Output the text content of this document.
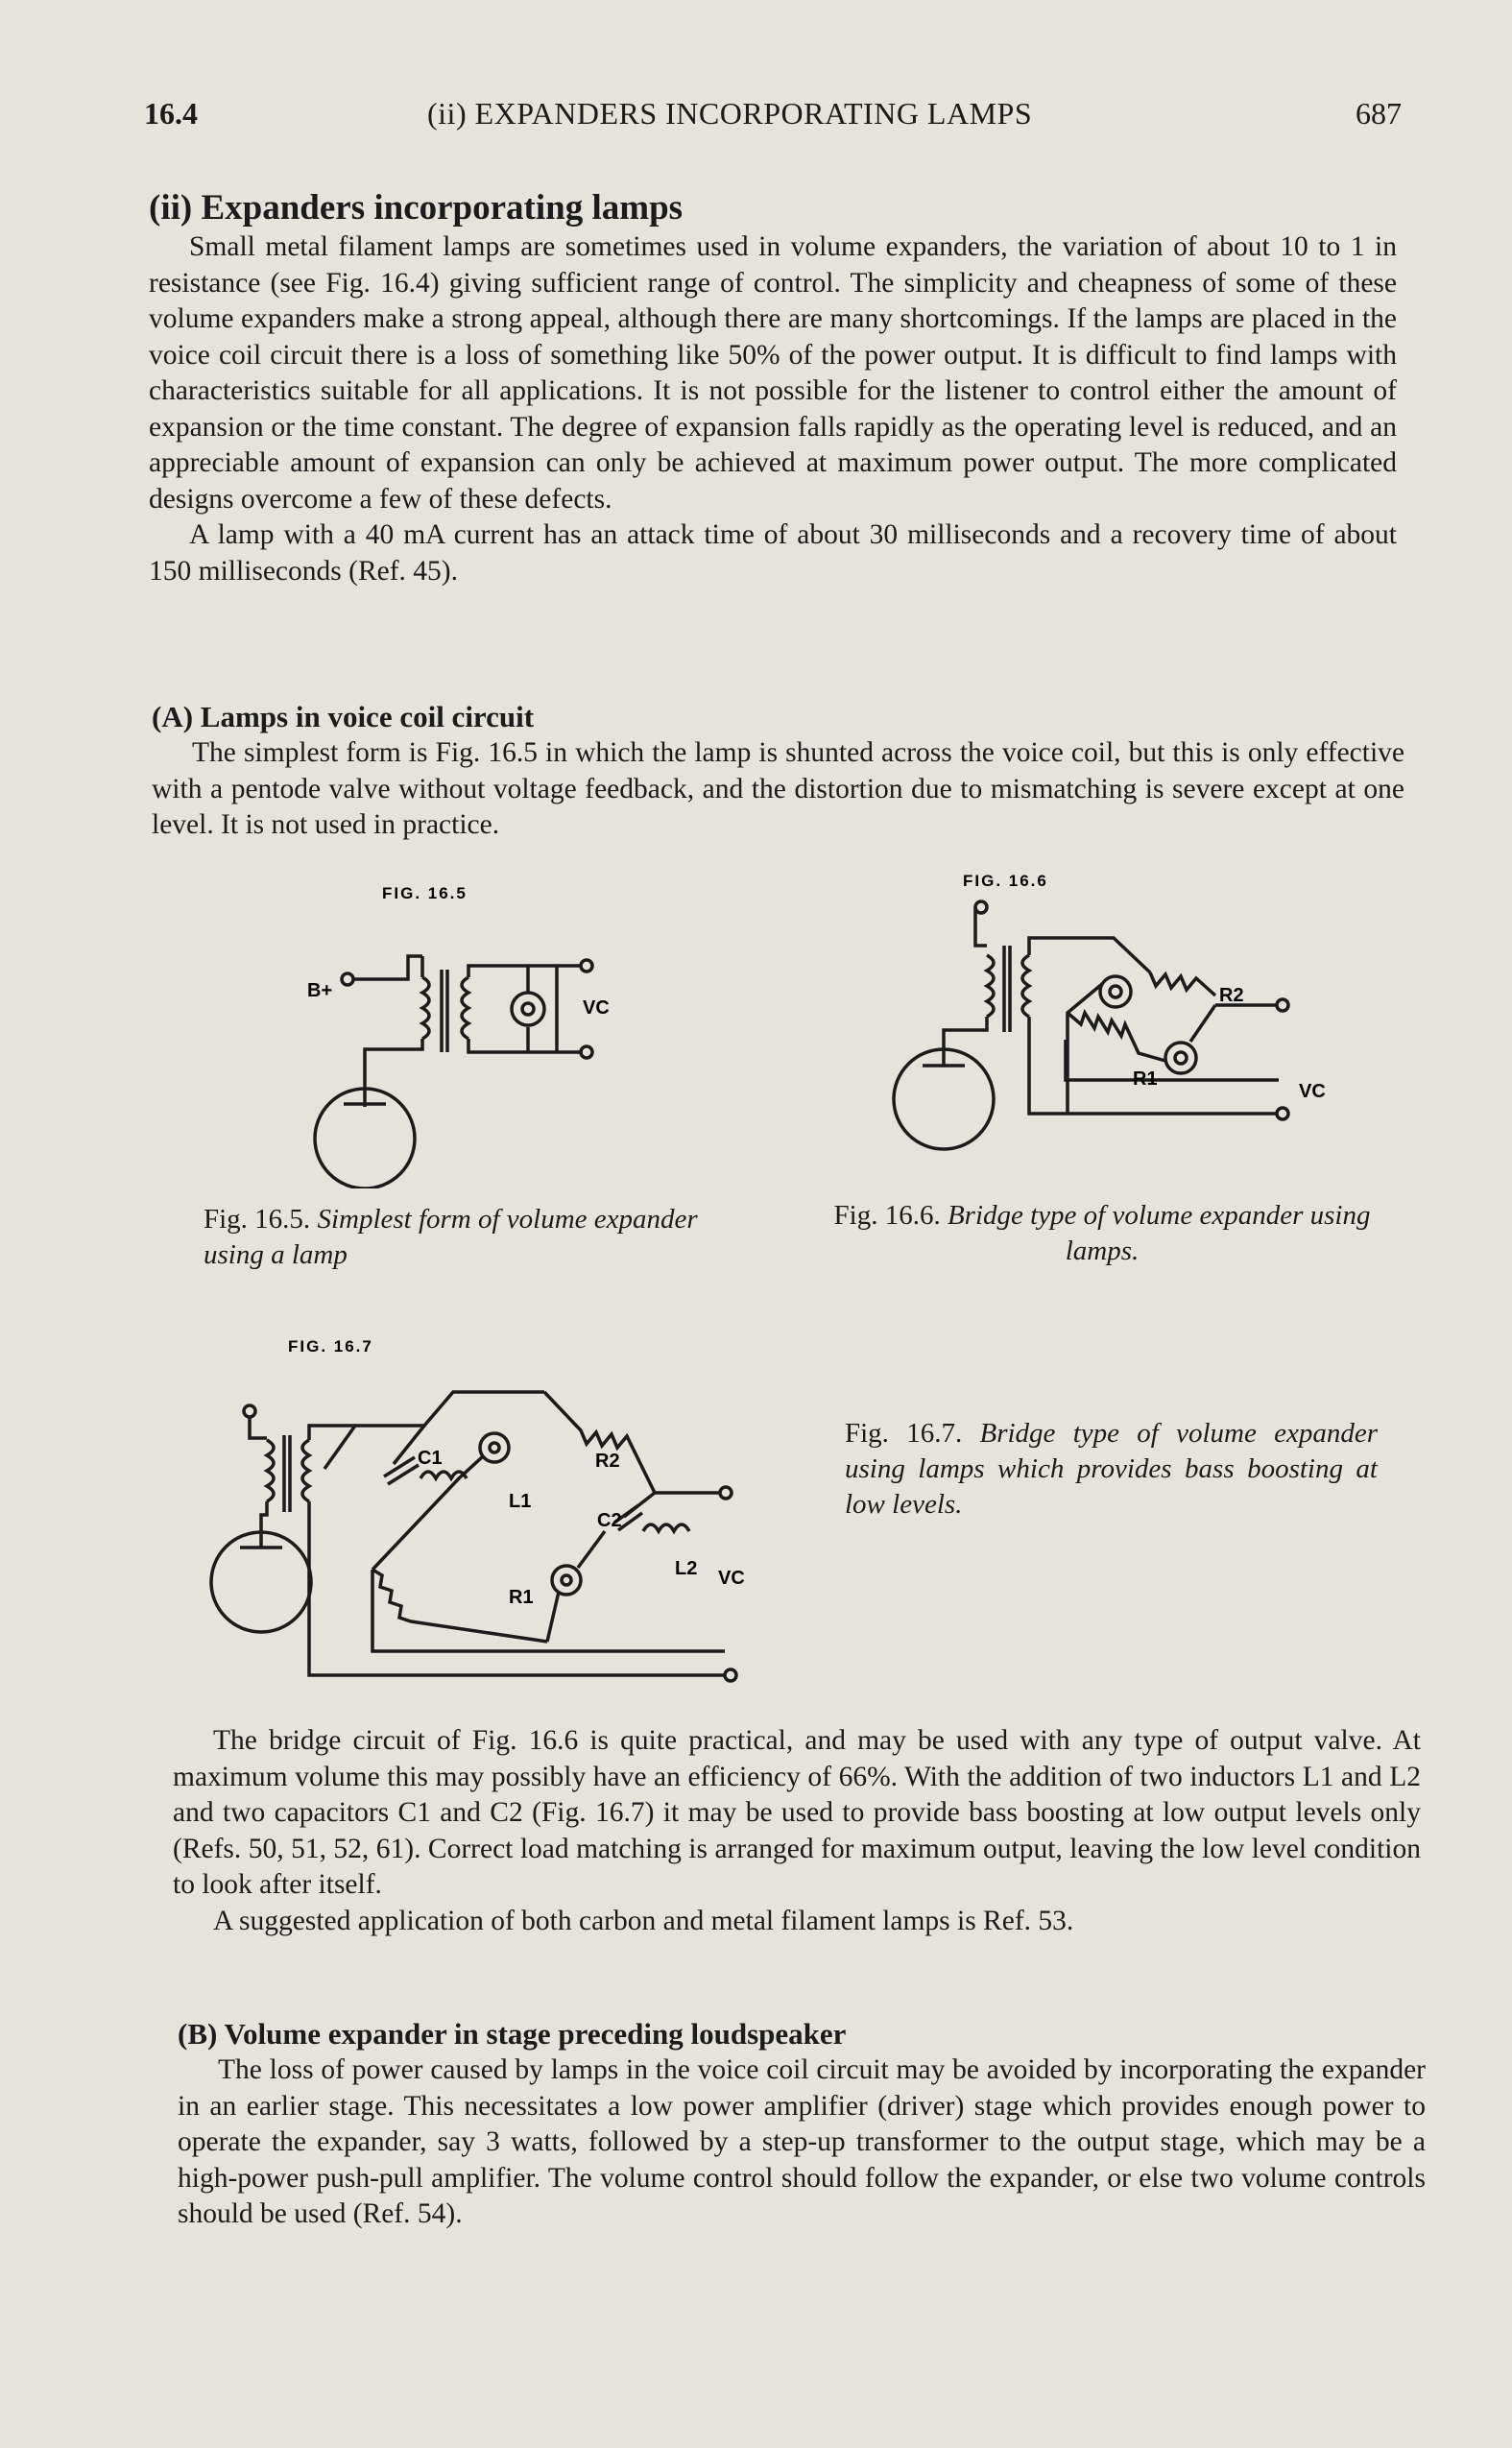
16.4	(ii) EXPANDERS INCORPORATING LAMPS	687
(ii) Expanders incorporating lamps

Small metal filament lamps are sometimes used in volume expanders, the variation of about 10 to 1 in resistance (see Fig. 16.4) giving sufficient range of control. The simplicity and cheapness of some of these volume expanders make a strong appeal, although there are many shortcomings. If the lamps are placed in the voice coil circuit there is a loss of something like 50% of the power output. It is difficult to find lamps with characteristics suitable for all applications. It is not possible for the listener to control either the amount of expansion or the time constant. The degree of expansion falls rapidly as the operating level is reduced, and an appreciable amount of expansion can only be achieved at maximum power output. The more complicated designs overcome a few of these defects.

A lamp with a 40 mA current has an attack time of about 30 milliseconds and a recovery time of about 150 milliseconds (Ref. 45).

(A) Lamps in voice coil circuit

The simplest form is Fig. 16.5 in which the lamp is shunted across the voice coil, but this is only effective with a pentode valve without voltage feedback, and the distortion due to mismatching is severe except at one level. It is not used in practice.

FIG. 16.5
B+
VC
Fig. 16.5. Simplest form of volume expander using a lamp
FIG. 16.6
R2
R1
VC
Fig. 16.6. Bridge type of volume expander using lamps.
FIG. 16.7
C1
L1
R2
C2
R1
L2 VC
Fig. 16.7. Bridge type of volume expander using lamps which provides bass boosting at low levels.

The bridge circuit of Fig. 16.6 is quite practical, and may be used with any type of output valve. At maximum volume this may possibly have an efficiency of 66%. With the addition of two inductors L1 and L2 and two capacitors C1 and C2 (Fig. 16.7) it may be used to provide bass boosting at low output levels only (Refs. 50, 51, 52, 61). Correct load matching is arranged for maximum output, leaving the low level condition to look after itself.

A suggested application of both carbon and metal filament lamps is Ref. 53.

(B) Volume expander in stage preceding loudspeaker

The loss of power caused by lamps in the voice coil circuit may be avoided by incorporating the expander in an earlier stage. This necessitates a low power amplifier (driver) stage which provides enough power to operate the expander, say 3 watts, followed by a step-up transformer to the output stage, which may be a high-power push-pull amplifier. The volume control should follow the expander, or else two volume controls should be used (Ref. 54).
